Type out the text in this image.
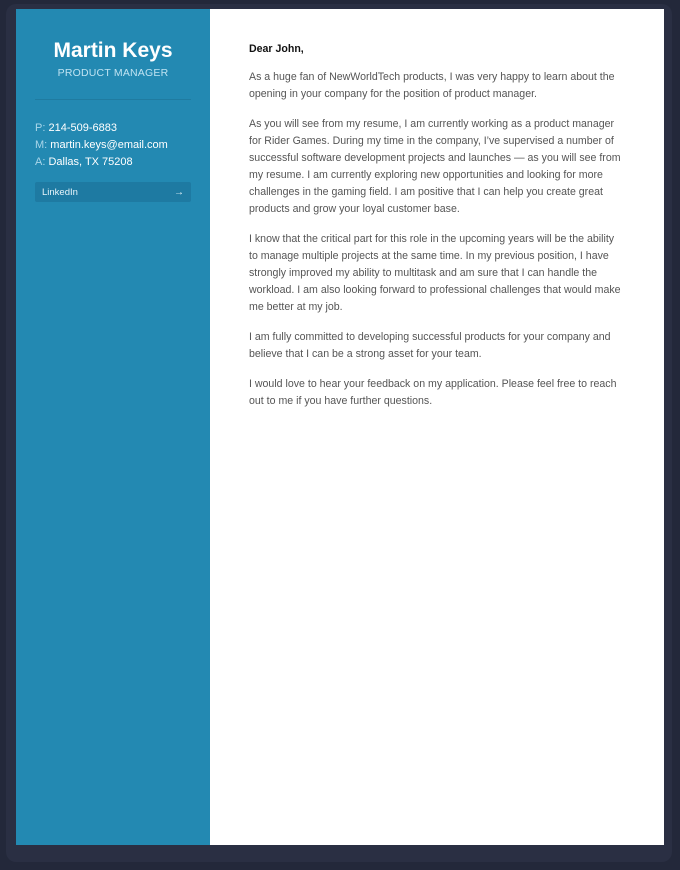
Martin Keys
PRODUCT MANAGER
P: 214-509-6883
M: martin.keys@email.com
A: Dallas, TX 75208
LinkedIn	→

Dear John,

As a huge fan of NewWorldTech products, I was very happy to learn about the opening in your company for the position of product manager.

As you will see from my resume, I am currently working as a product manager for Rider Games. During my time in the company, I’ve supervised a number of successful software development projects and launches — as you will see from my resume. I am currently exploring new opportunities and looking for more challenges in the gaming field. I am positive that I can help you create great products and grow your loyal customer base.

I know that the critical part for this role in the upcoming years will be the ability to manage multiple projects at the same time. In my previous position, I have strongly improved my ability to multitask and am sure that I can handle the workload. I am also looking forward to professional challenges that would make me better at my job.

I am fully committed to developing successful products for your company and believe that I can be a strong asset for your team.

I would love to hear your feedback on my application. Please feel free to reach out to me if you have further questions.
